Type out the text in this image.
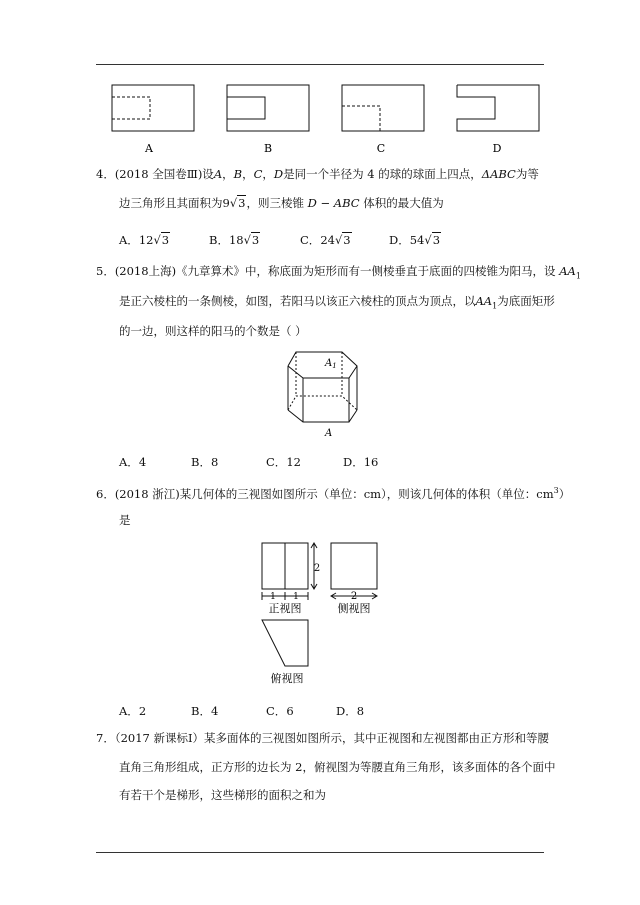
A	B	C	D
4．(2018 全国卷Ⅲ)设A，B，C，D是同一个半径为 4 的球的球面上四点，ΔABC为等
边三角形且其面积为9√3，则三棱锥 D − ABC 体积的最大值为
A．12√3	B．18√3	C．24√3	D．54√3
5．(2018上海)《九章算术》中，称底面为矩形而有一侧棱垂直于底面的四棱锥为阳马，设 $AA_1$
是正六棱柱的一条侧棱，如图，若阳马以该正六棱柱的顶点为顶点，以$AA_1$为底面矩形
的一边，则这样的阳马的个数是（ ）
$A_1$
A
A．4	B．8	C．12	D．16
6．(2018 浙江)某几何体的三视图如图所示（单位：cm），则该几何体的体积（单位：$cm^3$）
是
2
1 1	2
正视图	侧视图
俯视图
A．2	B．4	C．6	D．8
7．（2017 新课标Ⅰ）某多面体的三视图如图所示，其中正视图和左视图都由正方形和等腰
直角三角形组成，正方形的边长为 2，俯视图为等腰直角三角形，该多面体的各个面中
有若干个是梯形，这些梯形的面积之和为
